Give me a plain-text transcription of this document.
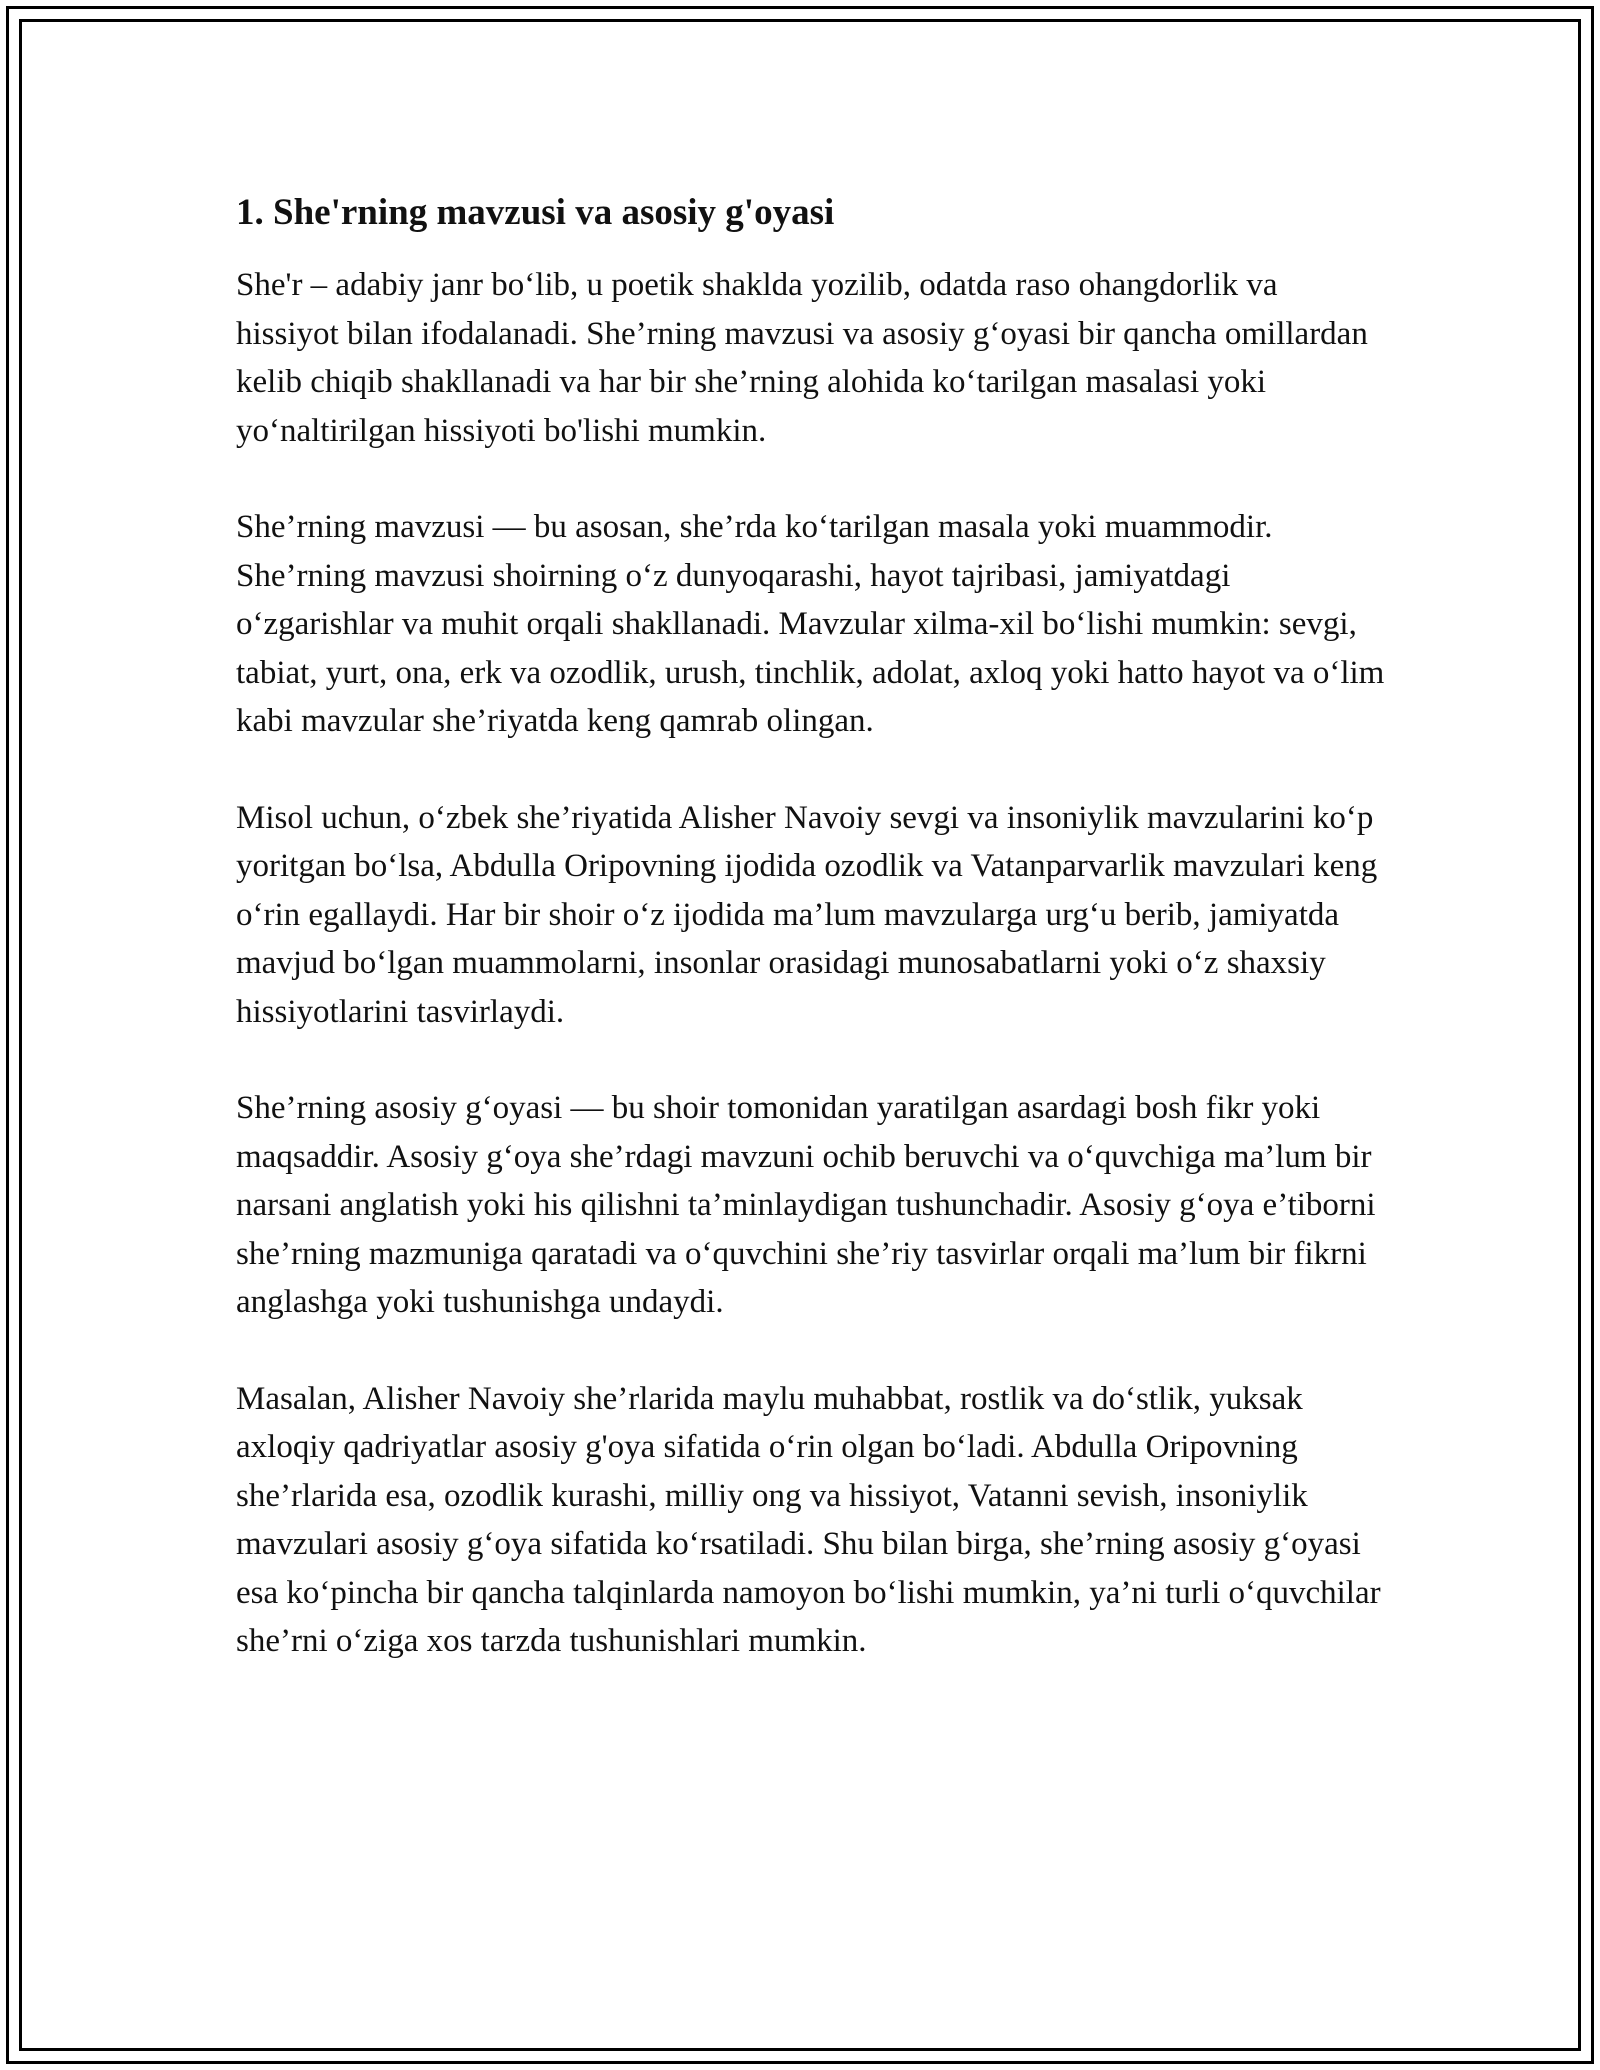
1. She'rning mavzusi va asosiy g'oyasi

She'r – adabiy janr bo‘lib, u poetik shaklda yozilib, odatda raso ohangdorlik va hissiyot bilan ifodalanadi. She’rning mavzusi va asosiy g‘oyasi bir qancha omillardan kelib chiqib shakllanadi va har bir she’rning alohida ko‘tarilgan masalasi yoki yo‘naltirilgan hissiyoti bo'lishi mumkin.

She’rning mavzusi — bu asosan, she’rda ko‘tarilgan masala yoki muammodir. She’rning mavzusi shoirning o‘z dunyoqarashi, hayot tajribasi, jamiyatdagi o‘zgarishlar va muhit orqali shakllanadi. Mavzular xilma-xil bo‘lishi mumkin: sevgi, tabiat, yurt, ona, erk va ozodlik, urush, tinchlik, adolat, axloq yoki hatto hayot va o‘lim kabi mavzular she’riyatda keng qamrab olingan.

Misol uchun, o‘zbek she’riyatida Alisher Navoiy sevgi va insoniylik mavzularini ko‘p yoritgan bo‘lsa, Abdulla Oripovning ijodida ozodlik va Vatanparvarlik mavzulari keng o‘rin egallaydi. Har bir shoir o‘z ijodida ma’lum mavzularga urg‘u berib, jamiyatda mavjud bo‘lgan muammolarni, insonlar orasidagi munosabatlarni yoki o‘z shaxsiy hissiyotlarini tasvirlaydi.

She’rning asosiy g‘oyasi — bu shoir tomonidan yaratilgan asardagi bosh fikr yoki maqsaddir. Asosiy g‘oya she’rdagi mavzuni ochib beruvchi va o‘quvchiga ma’lum bir narsani anglatish yoki his qilishni ta’minlaydigan tushunchadir. Asosiy g‘oya e’tiborni she’rning mazmuniga qaratadi va o‘quvchini she’riy tasvirlar orqali ma’lum bir fikrni anglashga yoki tushunishga undaydi.

Masalan, Alisher Navoiy she’rlarida maylu muhabbat, rostlik va do‘stlik, yuksak axloqiy qadriyatlar asosiy g'oya sifatida o‘rin olgan bo‘ladi. Abdulla Oripovning she’rlarida esa, ozodlik kurashi, milliy ong va hissiyot, Vatanni sevish, insoniylik mavzulari asosiy g‘oya sifatida ko‘rsatiladi. Shu bilan birga, she’rning asosiy g‘oyasi esa ko‘pincha bir qancha talqinlarda namoyon bo‘lishi mumkin, ya’ni turli o‘quvchilar she’rni o‘ziga xos tarzda tushunishlari mumkin.
